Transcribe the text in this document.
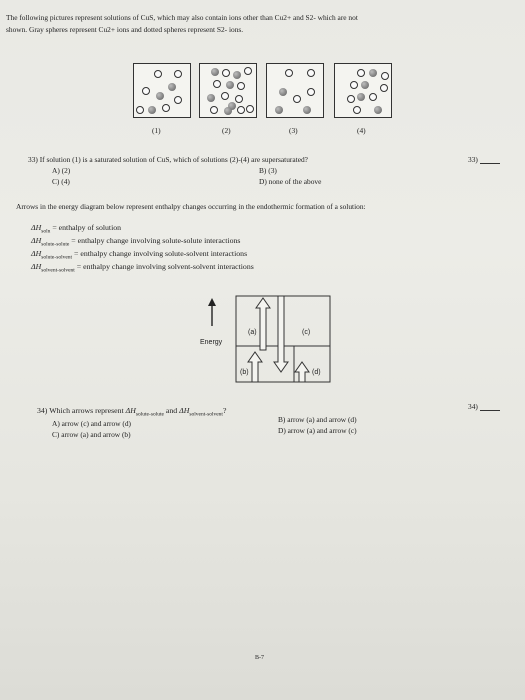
The following pictures represent solutions of CuS, which may also contain ions other than Cu2+ and S2- which are not
shown. Gray spheres represent Cu2+ ions and dotted spheres represent S2- ions.
(1)	(2)	(3)	(4)
33) If solution (1) is a saturated solution of CuS, which of solutions (2)-(4) are supersaturated?	33)
A) (2)	B) (3)
C) (4)	D) none of the above
Arrows in the energy diagram below represent enthalpy changes occurring in the endothermic formation of a solution:
$\Delta H_{soln}$ = enthalpy of solution
$\Delta H_{solute-solute}$ = enthalpy change involving solute-solute interactions
$\Delta H_{solute-solvent}$ = enthalpy change involving solute-solvent interactions
$\Delta H_{solvent-solvent}$ = enthalpy change involving solvent-solvent interactions
(a)	(c)
(b)	(d)
Energy
34) Which arrows represent $\Delta H_{solute-solute}$ and $\Delta H_{solvent-solvent}$?	34)
A) arrow (c) and arrow (d)	B) arrow (a) and arrow (d)
C) arrow (a) and arrow (b)	D) arrow (a) and arrow (c)
B-7
